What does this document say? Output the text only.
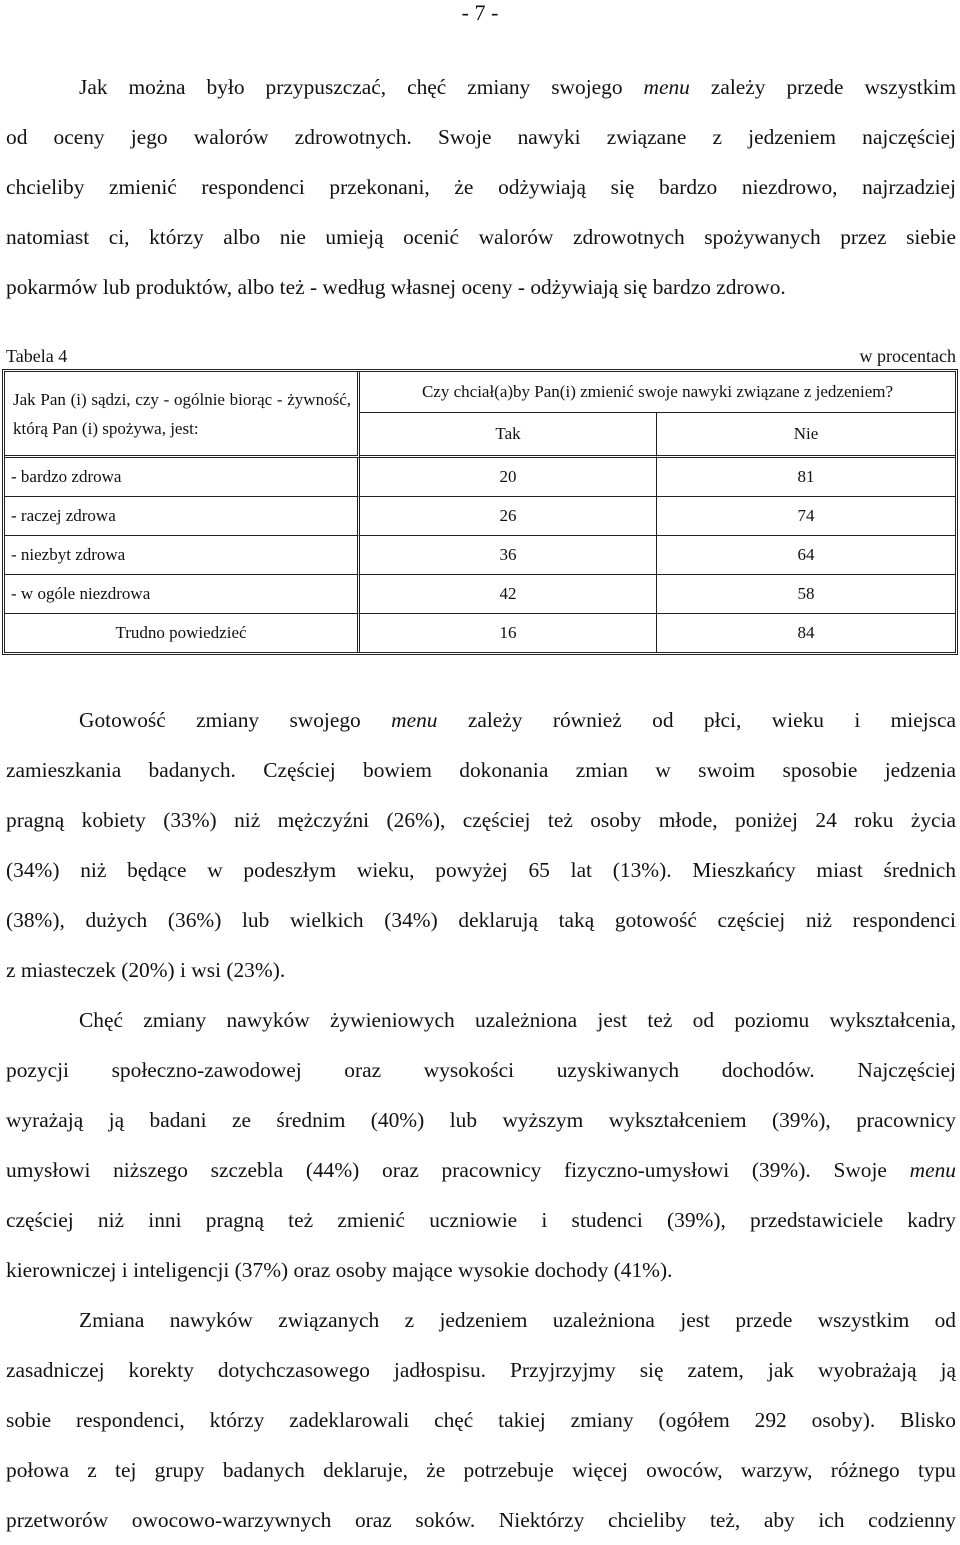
- 7 -
Jak można było przypuszczać, chęć zmiany swojego menu zależy przede wszystkim
od oceny jego walorów zdrowotnych. Swoje nawyki związane z jedzeniem najczęściej
chcieliby zmienić respondenci przekonani, że odżywiają się bardzo niezdrowo, najrzadziej
natomiast ci, którzy albo nie umieją ocenić walorów zdrowotnych spożywanych przez siebie
pokarmów lub produktów, albo też - według własnej oceny - odżywiają się bardzo zdrowo.
Tabela 4	w procentach
Jak Pan (i) sądzi, czy - ogólnie biorąc - żywność, którą Pan (i) spożywa, jest:	Czy chciał(a)by Pan(i) zmienić swoje nawyki związane z jedzeniem?	
	Tak	Nie
- bardzo zdrowa	20	81
- raczej zdrowa	26	74
- niezbyt zdrowa	36	64
- w ogóle niezdrowa	42	58
Trudno powiedzieć	16	84
Gotowość zmiany swojego menu zależy również od płci, wieku i miejsca
zamieszkania badanych. Częściej bowiem dokonania zmian w swoim sposobie jedzenia
pragną kobiety (33%) niż mężczyźni (26%), częściej też osoby młode, poniżej 24 roku życia
(34%) niż będące w podeszłym wieku, powyżej 65 lat (13%). Mieszkańcy miast średnich
(38%), dużych (36%) lub wielkich (34%) deklarują taką gotowość częściej niż respondenci
z miasteczek (20%) i wsi (23%).
Chęć zmiany nawyków żywieniowych uzależniona jest też od poziomu wykształcenia,
pozycji społeczno-zawodowej oraz wysokości uzyskiwanych dochodów. Najczęściej
wyrażają ją badani ze średnim (40%) lub wyższym wykształceniem (39%), pracownicy
umysłowi niższego szczebla (44%) oraz pracownicy fizyczno-umysłowi (39%). Swoje menu
częściej niż inni pragną też zmienić uczniowie i studenci (39%), przedstawiciele kadry
kierowniczej i inteligencji (37%) oraz osoby mające wysokie dochody (41%).
Zmiana nawyków związanych z jedzeniem uzależniona jest przede wszystkim od
zasadniczej korekty dotychczasowego jadłospisu. Przyjrzyjmy się zatem, jak wyobrażają ją
sobie respondenci, którzy zadeklarowali chęć takiej zmiany (ogółem 292 osoby). Blisko
połowa z tej grupy badanych deklaruje, że potrzebuje więcej owoców, warzyw, różnego typu
przetworów owocowo-warzywnych oraz soków. Niektórzy chcieliby też, aby ich codzienny
